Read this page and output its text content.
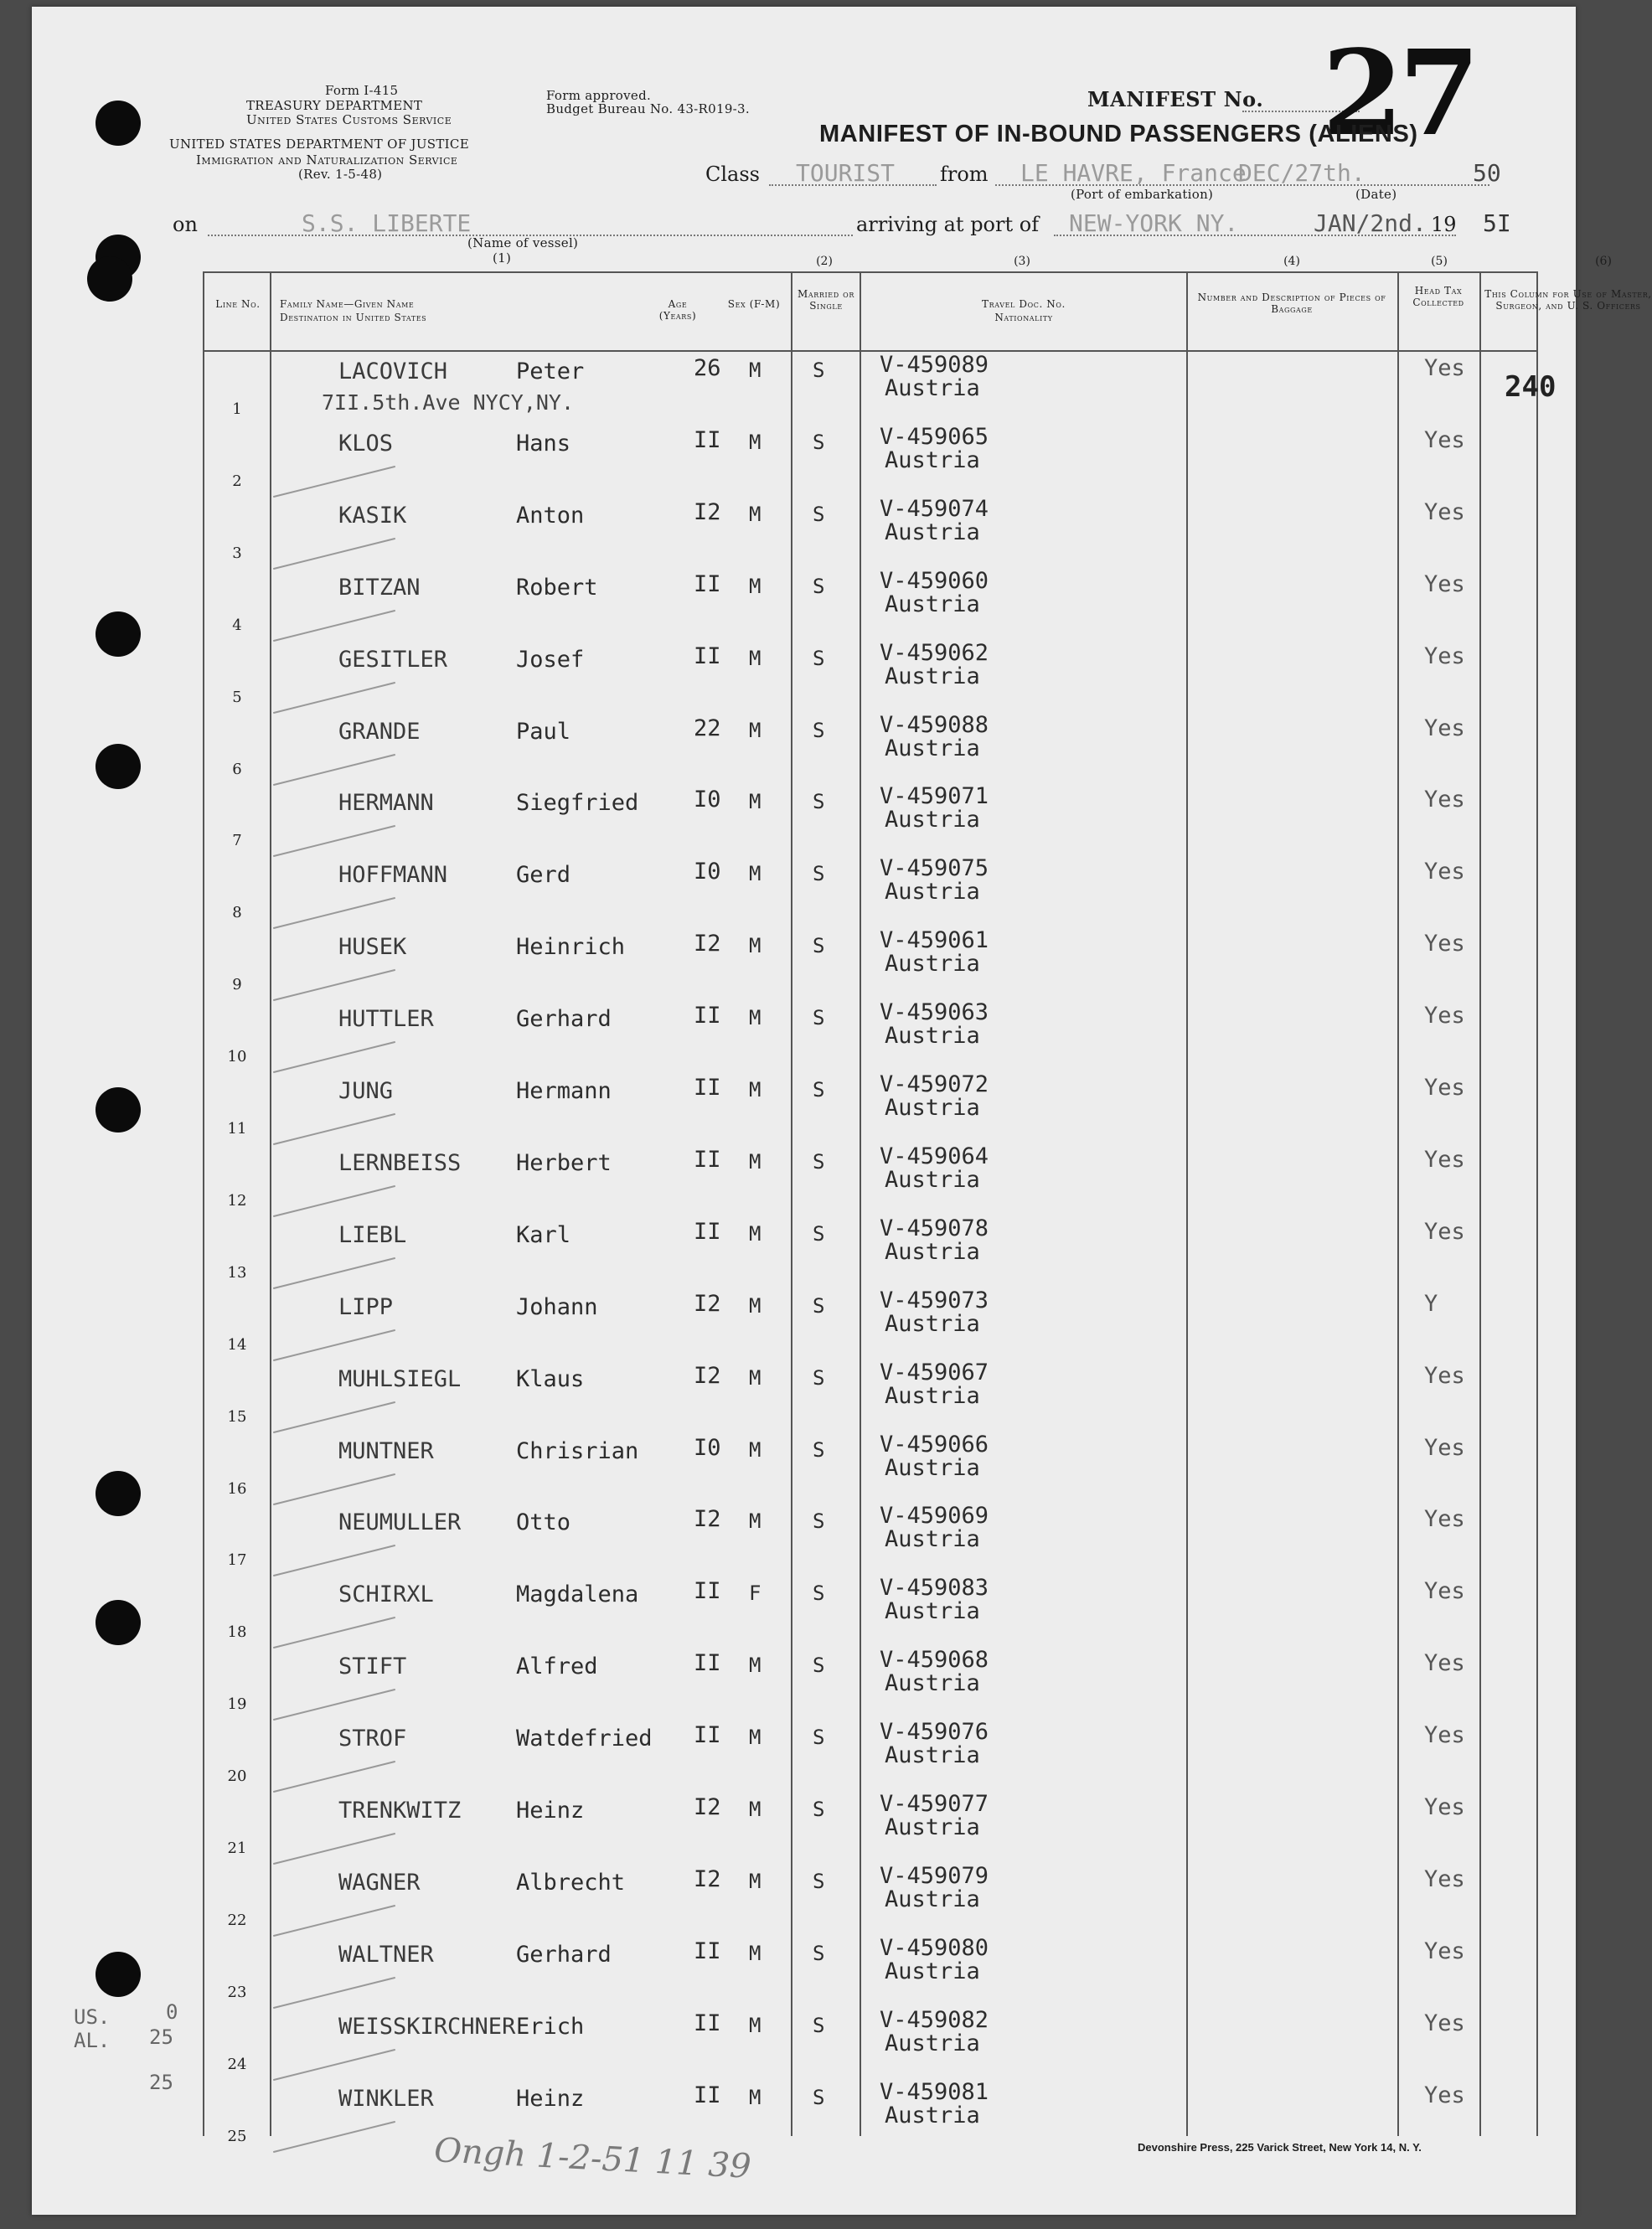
Form I-415
TREASURY DEPARTMENT
United States Customs Service
UNITED STATES DEPARTMENT OF JUSTICE
Immigration and Naturalization Service
(Rev. 1-5-48)
Form approved.
Budget Bureau No. 43-R019-3.	MANIFEST No. 27
MANIFEST OF IN-BOUND PASSENGERS (ALIENS)
Class TOURIST from LE HAVRE, France
DEC/27th.	50
(Port of embarkation)	(Date)
on	S.S. LIBERTE
(Name of vessel)
(1)
arriving at port of NEW-YORK NY.	JAN/2nd. 19 5I
(2)	(3)	(4)	(5)	(6)
Line No.	Family Name—Given Name
Destination in United States
Age (Years)
Sex (F-M)
Married or Single	Travel Doc. No.
Nationality
Number and Description of Pieces of Baggage
Head Tax Collected
This Column for Use of Master, Surgeon, and U. S. Officers
240
1
LACOVICH	Peter	26 M	S V-459089
Austria
Yes
7II.5th.Ave NYCY,NY.
2
KLOS	Hans	II M	S V-459065
Austria
Yes
3
KASIK	Anton	I2 M	S V-459074
Austria
Yes
4
BITZAN	Robert	II M	S V-459060
Austria
Yes
5
GESITLER	Josef	II M	S V-459062
Austria
Yes
6
GRANDE	Paul	22 M	S V-459088
Austria
Yes
7
HERMANN	Siegfried I0 M	S V-459071
Austria
Yes
8
HOFFMANN	Gerd	I0 M	S V-459075
Austria
Yes
9
HUSEK	Heinrich	I2 M	S V-459061
Austria
Yes
10
HUTTLER	Gerhard	II M	S V-459063
Austria
Yes
11
JUNG	Hermann	II M	S V-459072
Austria
Yes
12
LERNBEISS Herbert	II M	S V-459064
Austria
Yes
13
LIEBL	Karl	II M	S V-459078
Austria
Yes
14
LIPP	Johann	I2 M	S V-459073
Austria
Y
15
MUHLSIEGL Klaus	I2 M	S V-459067
Austria
Yes
16
MUNTNER	Chrisrian I0 M	S V-459066
Austria
Yes
17
NEUMULLER Otto	I2 M	S V-459069
Austria
Yes
18
SCHIRXL	Magdalena II F	S V-459083
Austria
Yes
19
STIFT	Alfred	II M	S V-459068
Austria
Yes
20
STROF	Watdefried II M	S V-459076
Austria
Yes
21
TRENKWITZ Heinz	I2 M	S V-459077
Austria
Yes
22
WAGNER	Albrecht	I2 M	S V-459079
Austria
Yes
23
WALTNER	Gerhard	II M	S V-459080
Austria
Yes
24
WEISSKIRCHNER Erich	II M	S V-459082
Austria
Yes
25
WINKLER	Heinz	II M	S V-459081
Austria
Yes
US.	0
AL. 25
25
Devonshire Press, 225 Varick Street, New York 14, N. Y.
Ongh 1-2-51 11 39
